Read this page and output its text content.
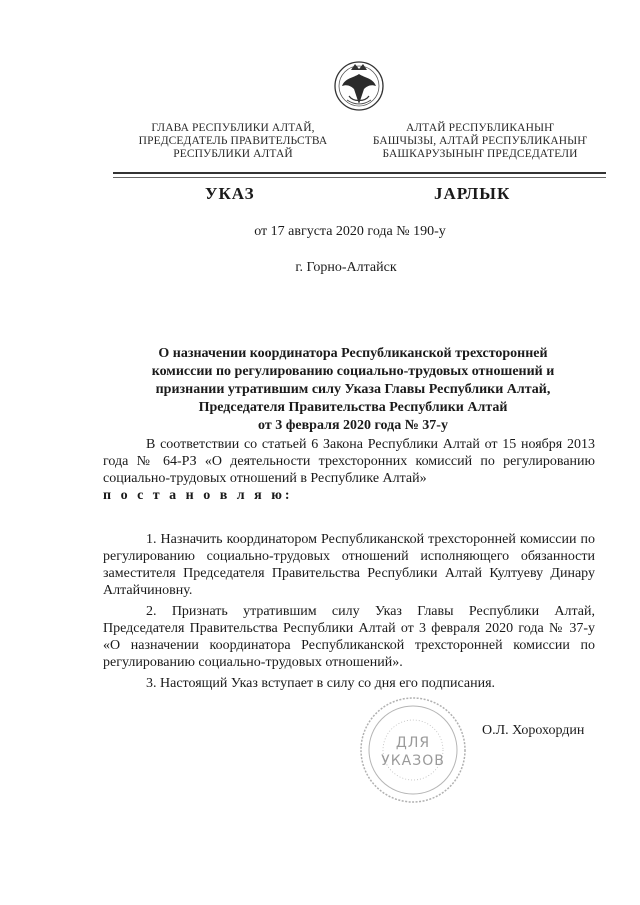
ГЛАВА РЕСПУБЛИКИ АЛТАЙ,
ПРЕДСЕДАТЕЛЬ ПРАВИТЕЛЬСТВА
РЕСПУБЛИКИ АЛТАЙ
АЛТАЙ РЕСПУБЛИКАНЫҤ
БАШЧЫЗЫ, АЛТАЙ РЕСПУБЛИКАНЫҤ
БАШКАРУЗЫНЫҤ ПРЕДСЕДАТЕЛИ
УКАЗ	ЈАРЛЫК
от 17 августа 2020 года № 190-у
г. Горно-Алтайск
О назначении координатора Республиканской трехсторонней
комиссии по регулированию социально-трудовых отношений и
признании утратившим силу Указа Главы Республики Алтай,
Председателя Правительства Республики Алтай
от 3 февраля 2020 года № 37-у
В соответствии со статьей 6 Закона Республики Алтай от 15 ноября 2013 года № 64-РЗ «О деятельности трехсторонних комиссий по регулированию социально-трудовых отношений в Республике Алтай»
п о с т а н о в л я ю:
1. Назначить координатором Республиканской трехсторонней комиссии по регулированию социально-трудовых отношений исполняющего обязанности заместителя Председателя Правительства Республики Алтай Култуеву Динару Алтайчиновну.
2. Признать утратившим силу Указ Главы Республики Алтай, Председателя Правительства Республики Алтай от 3 февраля 2020 года № 37-у «О назначении координатора Республиканской трехсторонней комиссии по регулированию социально-трудовых отношений».
3. Настоящий Указ вступает в силу со дня его подписания.
ДЛЯ
УКАЗОВ
О.Л. Хорохордин
